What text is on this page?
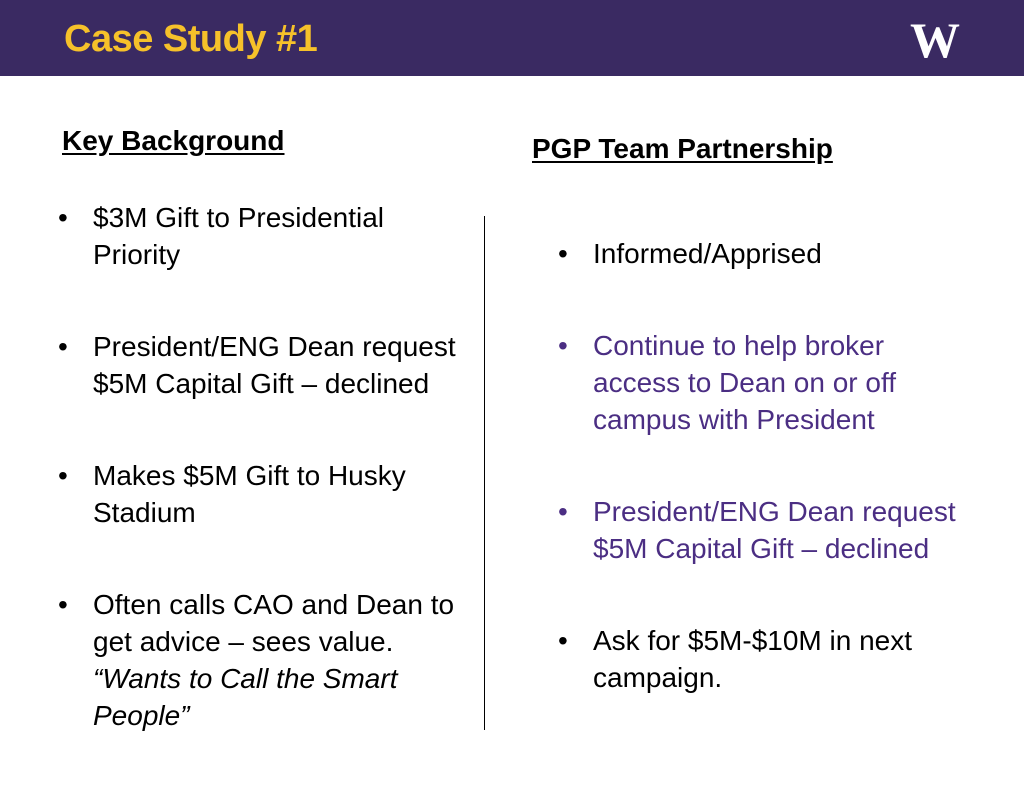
Case Study #1	W
Key Background
• $3M Gift to Presidential Priority
• President/ENG Dean request $5M Capital Gift – declined
• Makes $5M Gift to Husky Stadium
• Often calls CAO and Dean to get advice – sees value. “Wants to Call the Smart People”
PGP Team Partnership
• Informed/Apprised
• Continue to help broker access to Dean on or off campus with President
• President/ENG Dean request $5M Capital Gift – declined
• Ask for $5M-$10M in next campaign.
